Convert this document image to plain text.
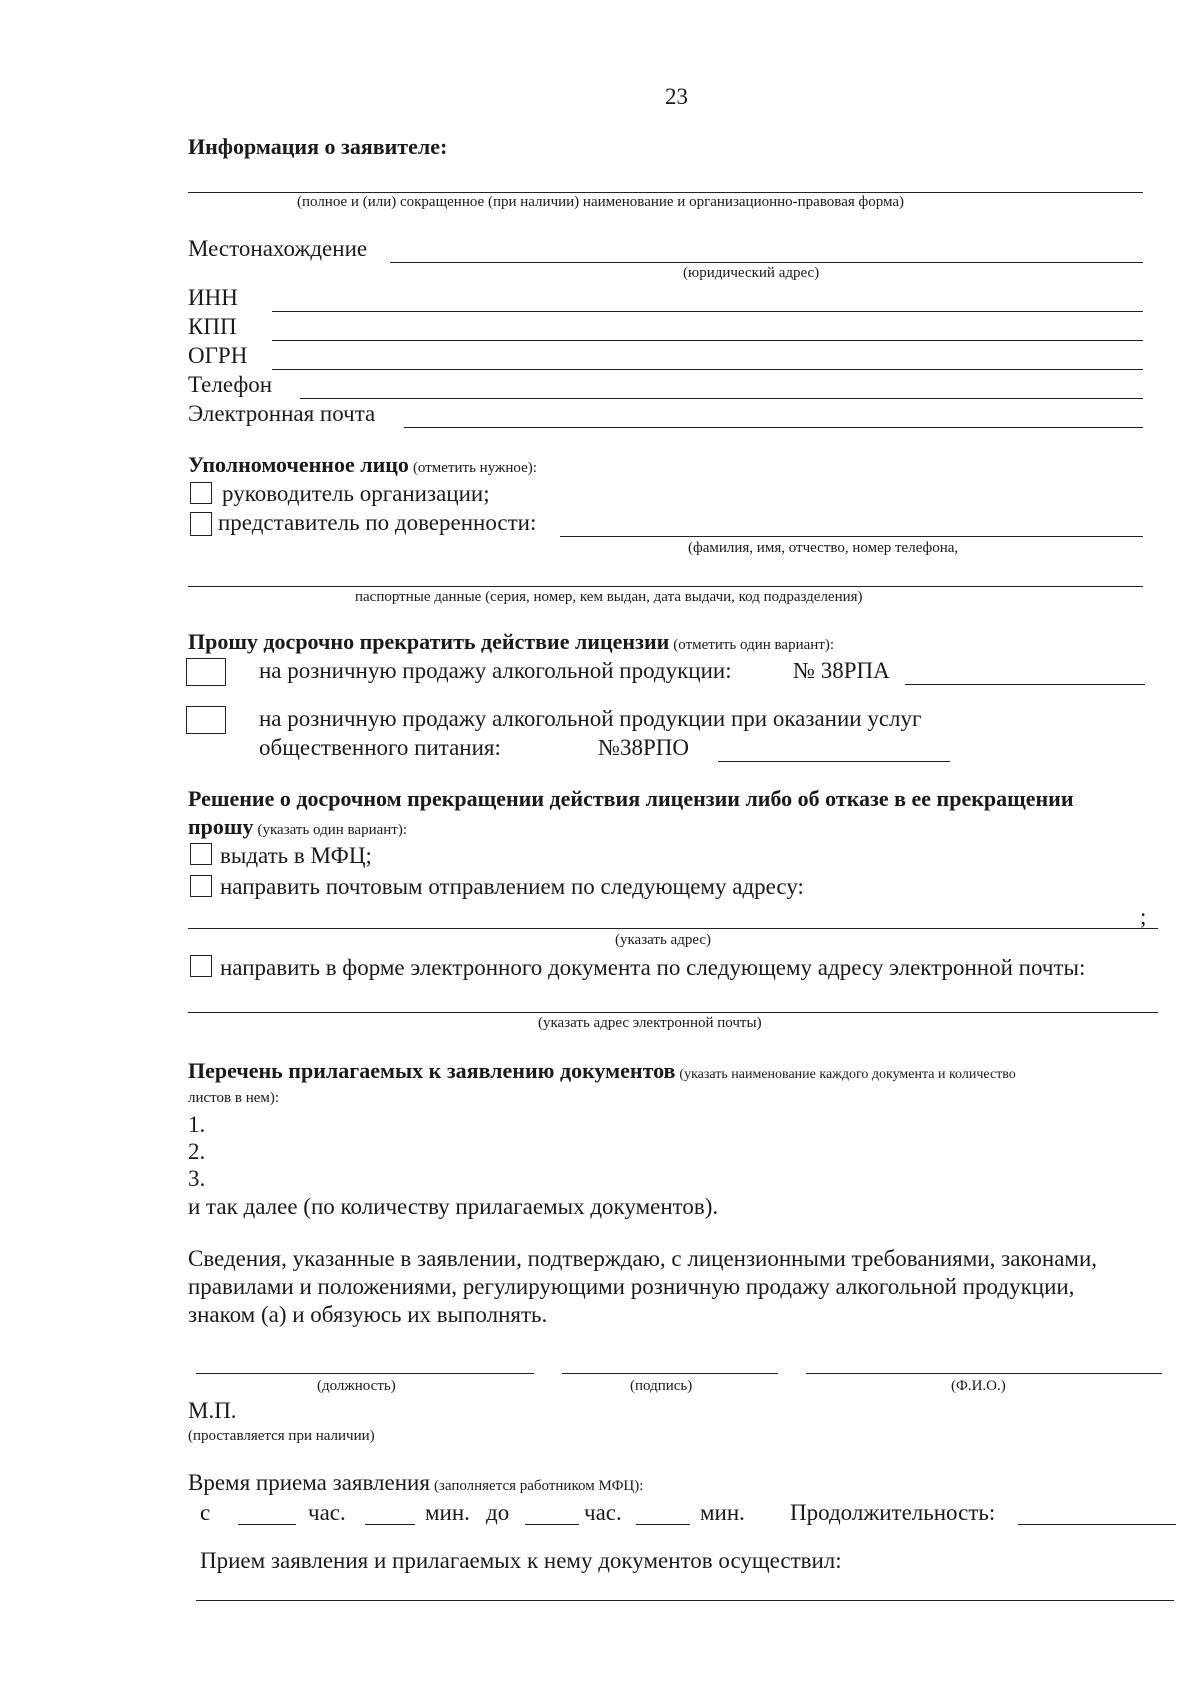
23
Информация о заявителе:
(полное и (или) сокращенное (при наличии) наименование и организационно-правовая форма)
Местонахождение
(юридический адрес)
ИНН
КПП
ОГРН
Телефон
Электронная почта
Уполномоченное лицо (отметить нужное):
руководитель организации;
представитель по доверенности:
(фамилия, имя, отчество, номер телефона,
паспортные данные (серия, номер, кем выдан, дата выдачи, код подразделения)
Прошу досрочно прекратить действие лицензии (отметить один вариант):
на розничную продажу алкогольной продукции:	№ 38РПА
на розничную продажу алкогольной продукции при оказании услуг
общественного питания:	№38РПО
Решение о досрочном прекращении действия лицензии либо об отказе в ее прекращении
прошу (указать один вариант):
выдать в МФЦ;
направить почтовым отправлением по следующему адресу:
;
(указать адрес)
направить в форме электронного документа по следующему адресу электронной почты:
(указать адрес электронной почты)
Перечень прилагаемых к заявлению документов (указать наименование каждого документа и количество
листов в нем):
1.
2.
3.
и так далее (по количеству прилагаемых документов).
Сведения, указанные в заявлении, подтверждаю, с лицензионными требованиями, законами,
правилами и положениями, регулирующими розничную продажу алкогольной продукции,
знаком (а) и обязуюсь их выполнять.
(должность)	(подпись)	(Ф.И.О.)
М.П.
(проставляется при наличии)
Время приема заявления (заполняется работником МФЦ):
с	час.	мин. до	час.	мин. Продолжительность:
Прием заявления и прилагаемых к нему документов осуществил:
